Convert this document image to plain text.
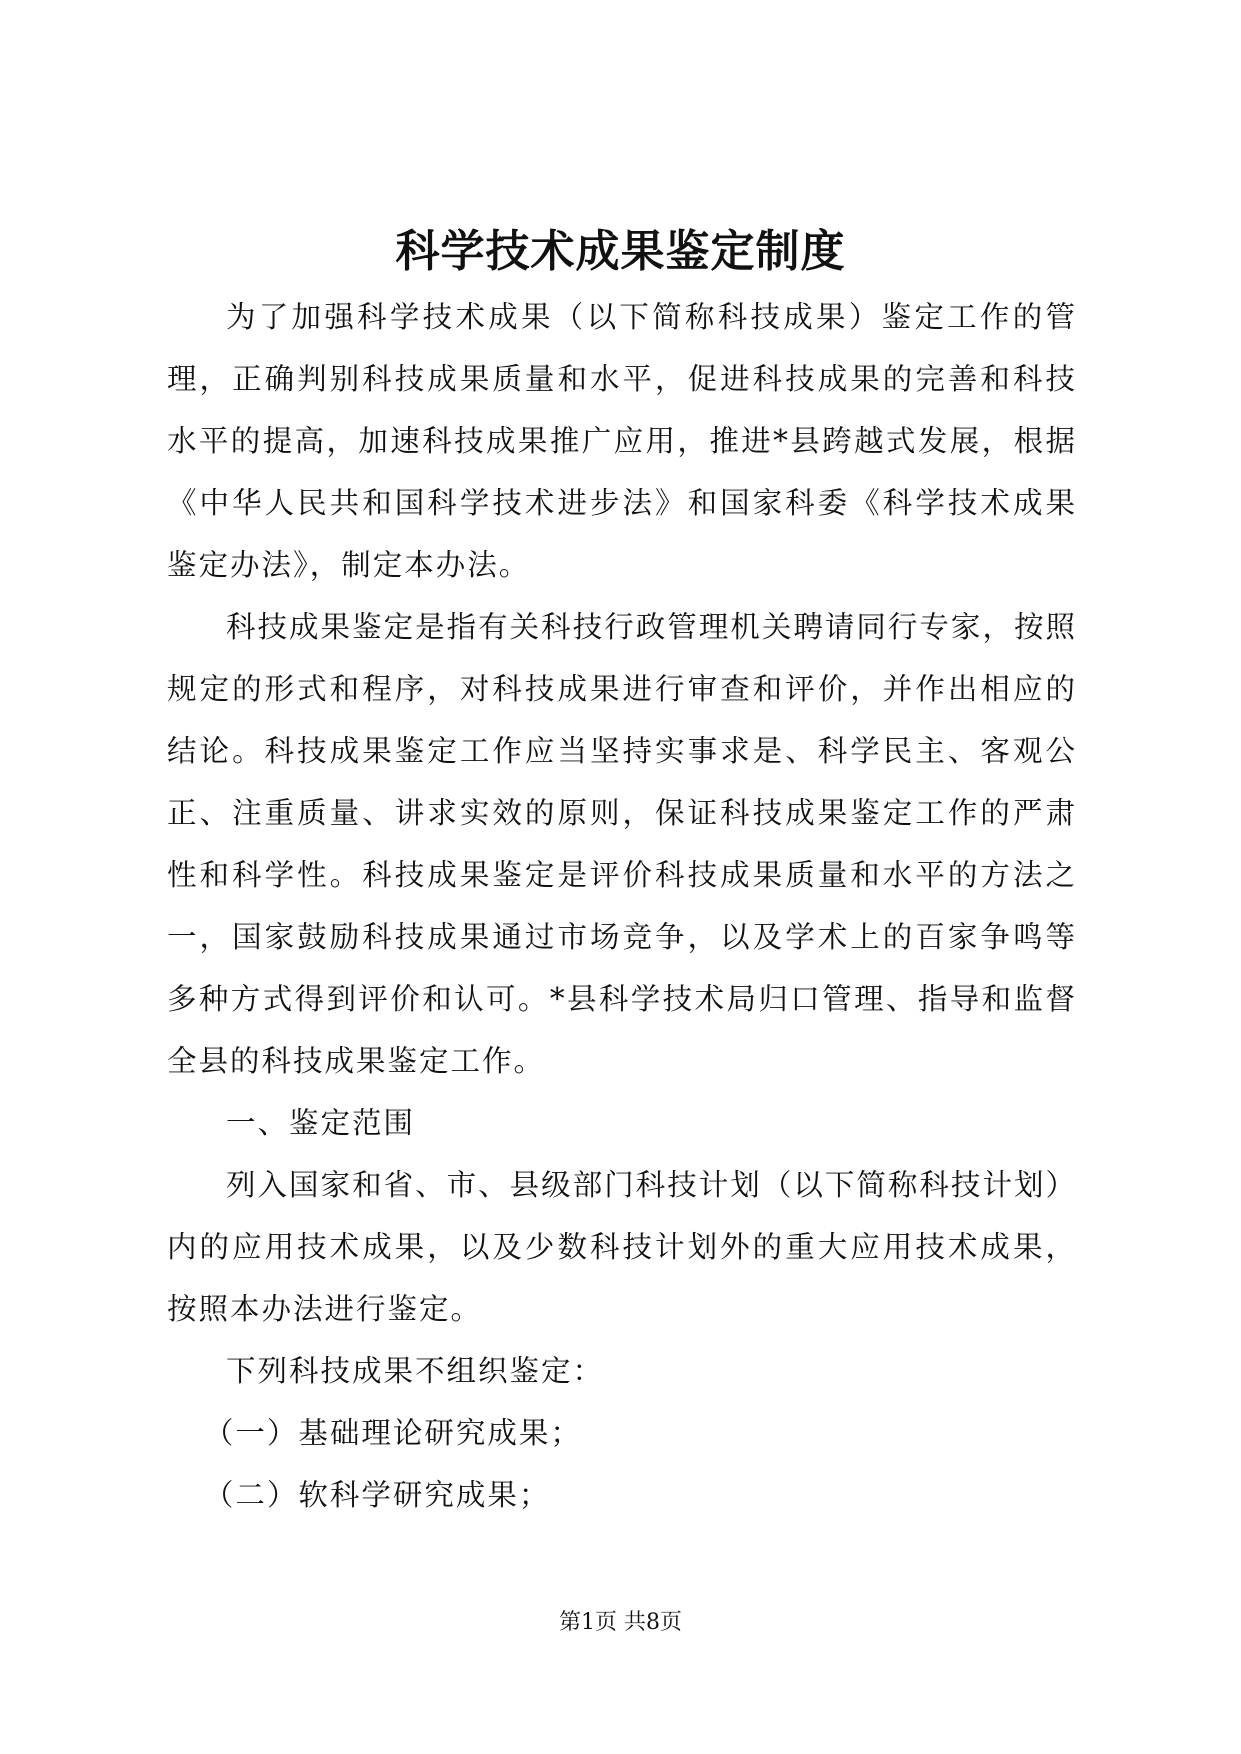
科学技术成果鉴定制度

为了加强科学技术成果（以下简称科技成果）鉴定工作的管理，正确判别科技成果质量和水平，促进科技成果的完善和科技水平的提高，加速科技成果推广应用，推进*县跨越式发展，根据《中华人民共和国科学技术进步法》和国家科委《科学技术成果鉴定办法》，制定本办法。

科技成果鉴定是指有关科技行政管理机关聘请同行专家，按照规定的形式和程序，对科技成果进行审查和评价，并作出相应的结论。科技成果鉴定工作应当坚持实事求是、科学民主、客观公正、注重质量、讲求实效的原则，保证科技成果鉴定工作的严肃性和科学性。科技成果鉴定是评价科技成果质量和水平的方法之一，国家鼓励科技成果通过市场竞争，以及学术上的百家争鸣等多种方式得到评价和认可。*县科学技术局归口管理、指导和监督全县的科技成果鉴定工作。

一、鉴定范围

列入国家和省、市、县级部门科技计划（以下简称科技计划）内的应用技术成果，以及少数科技计划外的重大应用技术成果，按照本办法进行鉴定。

下列科技成果不组织鉴定：

（一）基础理论研究成果；

（二）软科学研究成果；

第1页 共8页
